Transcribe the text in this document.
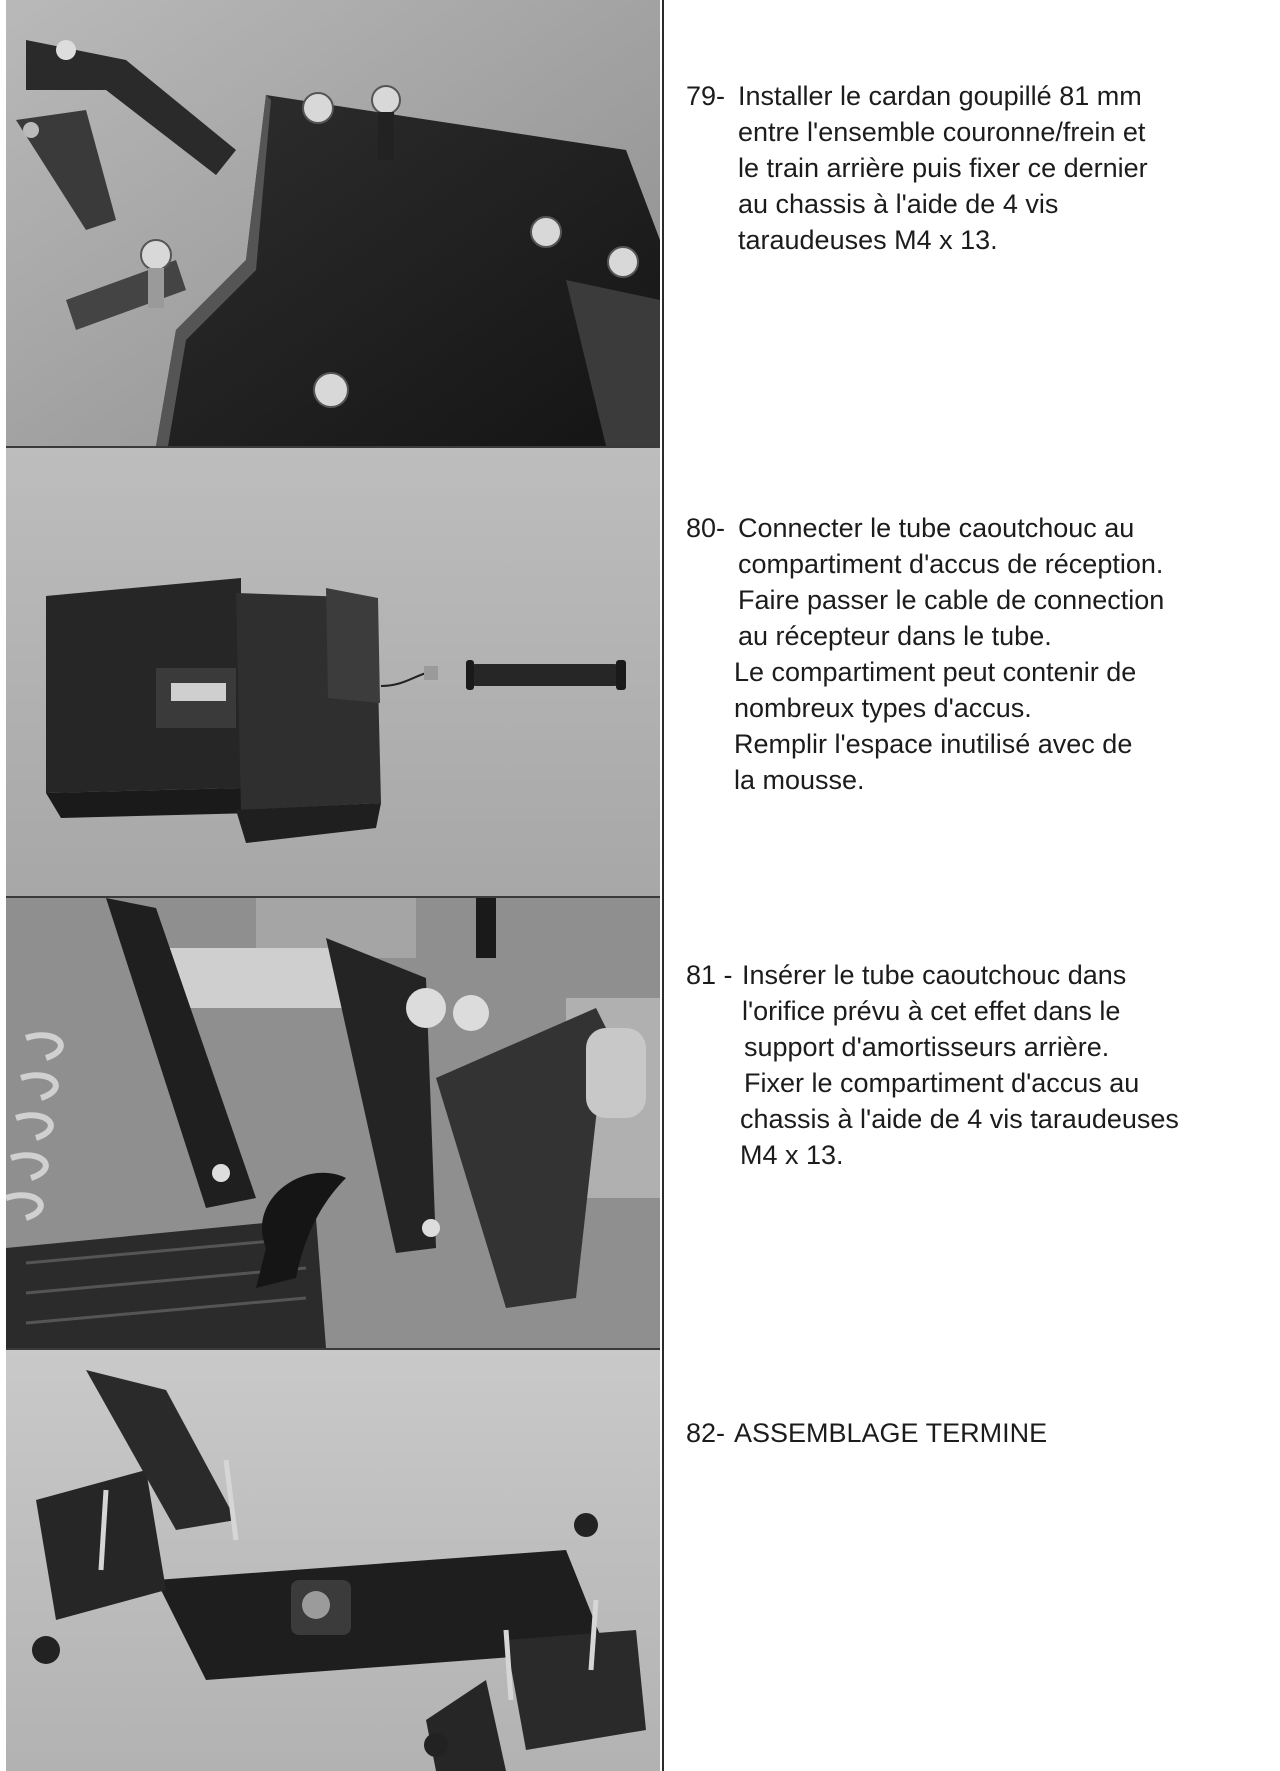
79- Installer le cardan goupillé 81 mm
entre l'ensemble couronne/frein et
le train arrière puis fixer ce dernier
au chassis à l'aide de 4 vis
taraudeuses M4 x 13.
80- Connecter le tube caoutchouc au
compartiment d'accus de réception.
Faire passer le cable de connection
au récepteur dans le tube.
Le compartiment peut contenir de
nombreux types d'accus.
Remplir l'espace inutilisé avec de
la mousse.
81 - Insérer le tube caoutchouc dans
l'orifice prévu à cet effet dans le
support d'amortisseurs arrière.
Fixer le compartiment d'accus au
chassis à l'aide de 4 vis taraudeuses
M4 x 13.
82- ASSEMBLAGE TERMINE
